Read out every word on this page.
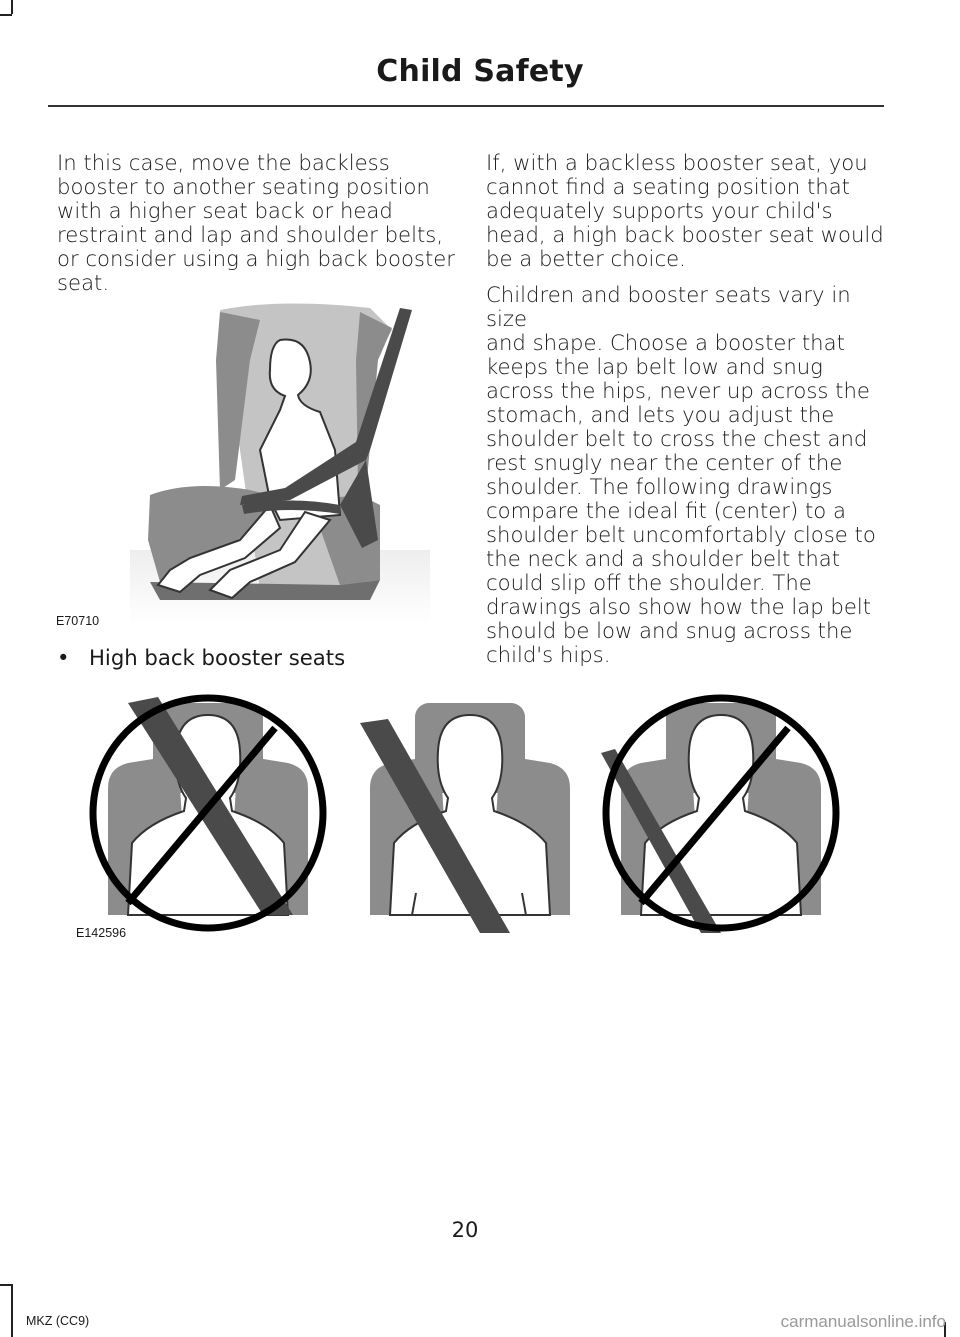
Child Safety
In this case, move the backless
booster to another seating position
with a higher seat back or head
restraint and lap and shoulder belts,
or consider using a high back booster
seat.
E70710
• High back booster seats
If, with a backless booster seat, you
cannot find a seating position that
adequately supports your child's
head, a high back booster seat would
be a better choice.
Children and booster seats vary in size
and shape. Choose a booster that
keeps the lap belt low and snug
across the hips, never up across the
stomach, and lets you adjust the
shoulder belt to cross the chest and
rest snugly near the center of the
shoulder. The following drawings
compare the ideal fit (center) to a
shoulder belt uncomfortably close to
the neck and a shoulder belt that
could slip off the shoulder. The
drawings also show how the lap belt
should be low and snug across the
child's hips.
E142596
20
MKZ (CC9)	carmanualsonline.info
